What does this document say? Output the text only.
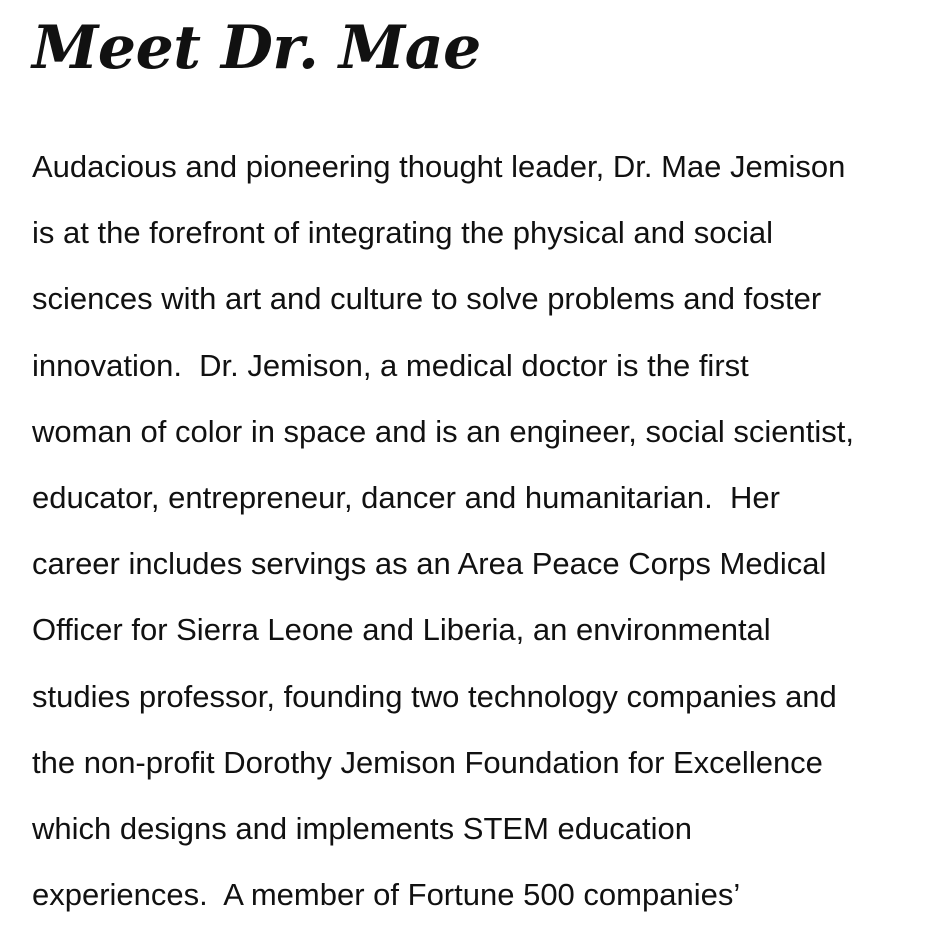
Meet Dr. Mae
Audacious and pioneering thought leader, Dr. Mae Jemison
is at the forefront of integrating the physical and social
sciences with art and culture to solve problems and foster
innovation.  Dr. Jemison, a medical doctor is the first
woman of color in space and is an engineer, social scientist,
educator, entrepreneur, dancer and humanitarian.  Her
career includes servings as an Area Peace Corps Medical
Officer for Sierra Leone and Liberia, an environmental
studies professor, founding two technology companies and
the non-profit Dorothy Jemison Foundation for Excellence
which designs and implements STEM education
experiences.  A member of Fortune 500 companies’
